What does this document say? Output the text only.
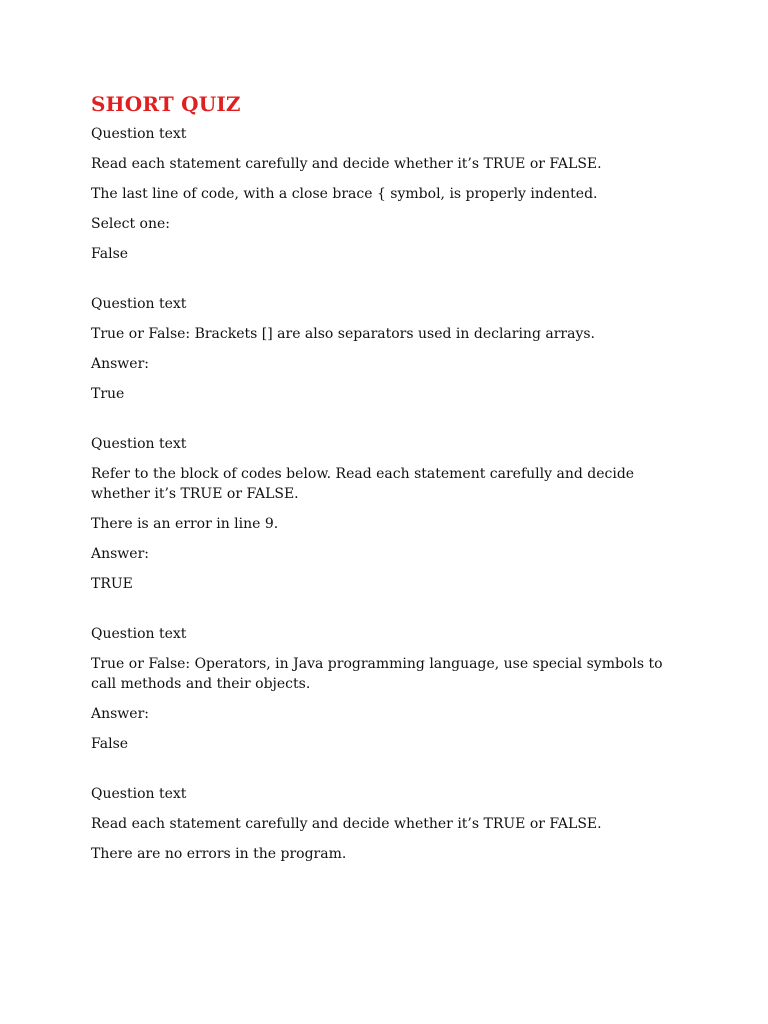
SHORT QUIZ
Question text
Read each statement carefully and decide whether it’s TRUE or FALSE.
The last line of code, with a close brace { symbol, is properly indented.
Select one:
False
Question text
True or False: Brackets [] are also separators used in declaring arrays.
Answer:
True
Question text
Refer to the block of codes below. Read each statement carefully and decide whether it’s TRUE or FALSE.
There is an error in line 9.
Answer:
TRUE
Question text
True or False: Operators, in Java programming language, use special symbols to call methods and their objects.
Answer:
False
Question text
Read each statement carefully and decide whether it’s TRUE or FALSE.
There are no errors in the program.
